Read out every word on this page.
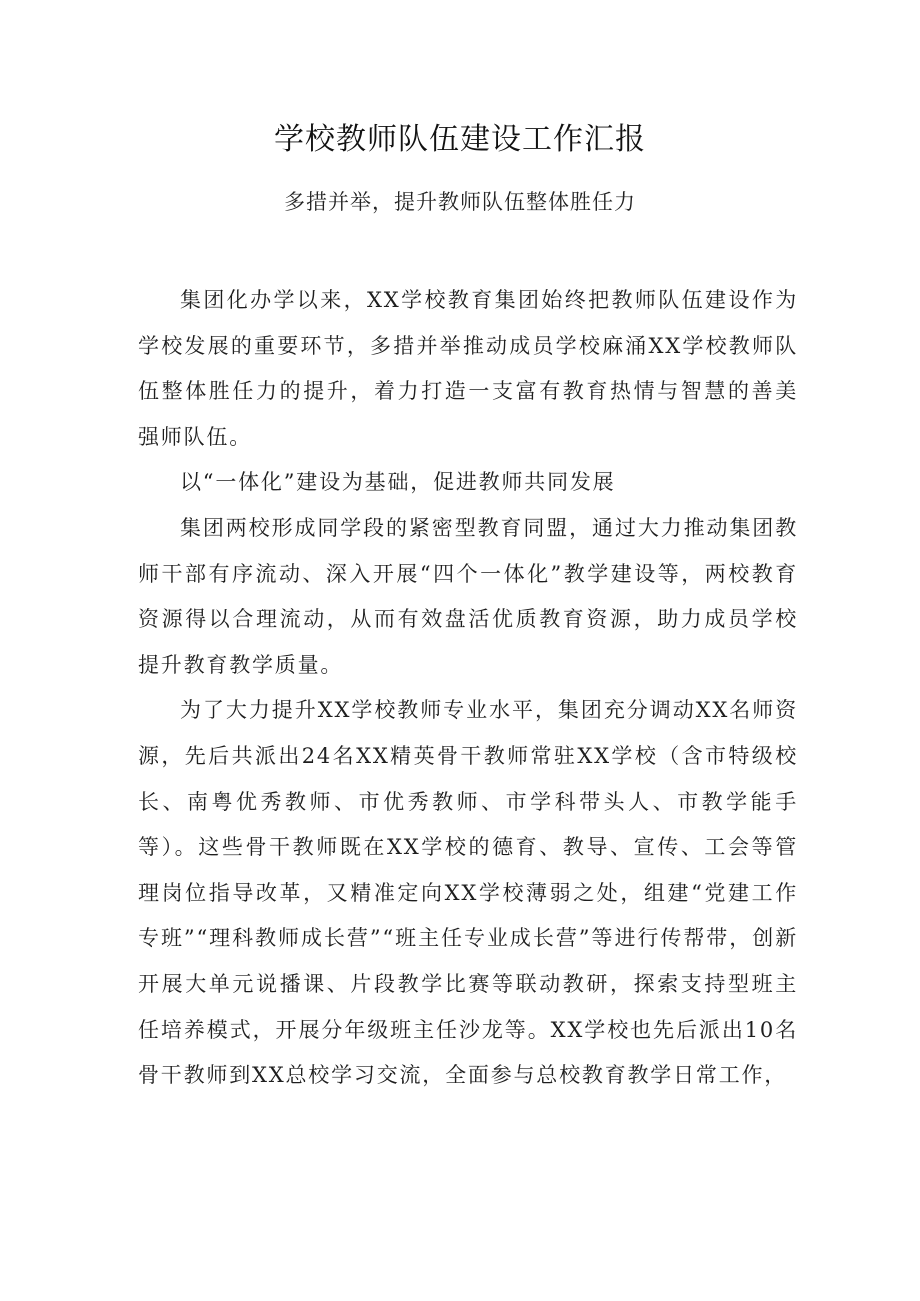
学校教师队伍建设工作汇报
多措并举，提升教师队伍整体胜任力

集团化办学以来，XX学校教育集团始终把教师队伍建设作为学校发展的重要环节，多措并举推动成员学校麻涌XX学校教师队伍整体胜任力的提升，着力打造一支富有教育热情与智慧的善美强师队伍。

以“一体化”建设为基础，促进教师共同发展

集团两校形成同学段的紧密型教育同盟，通过大力推动集团教师干部有序流动、深入开展“四个一体化”教学建设等，两校教育资源得以合理流动，从而有效盘活优质教育资源，助力成员学校提升教育教学质量。

为了大力提升XX学校教师专业水平，集团充分调动XX名师资源，先后共派出24名XX精英骨干教师常驻XX学校（含市特级校长、南粤优秀教师、市优秀教师、市学科带头人、市教学能手等）。这些骨干教师既在XX学校的德育、教导、宣传、工会等管理岗位指导改革，又精准定向XX学校薄弱之处，组建“党建工作专班”“理科教师成长营”“班主任专业成长营”等进行传帮带，创新开展大单元说播课、片段教学比赛等联动教研，探索支持型班主任培养模式，开展分年级班主任沙龙等。XX学校也先后派出10名骨干教师到XX总校学习交流，全面参与总校教育教学日常工作，
